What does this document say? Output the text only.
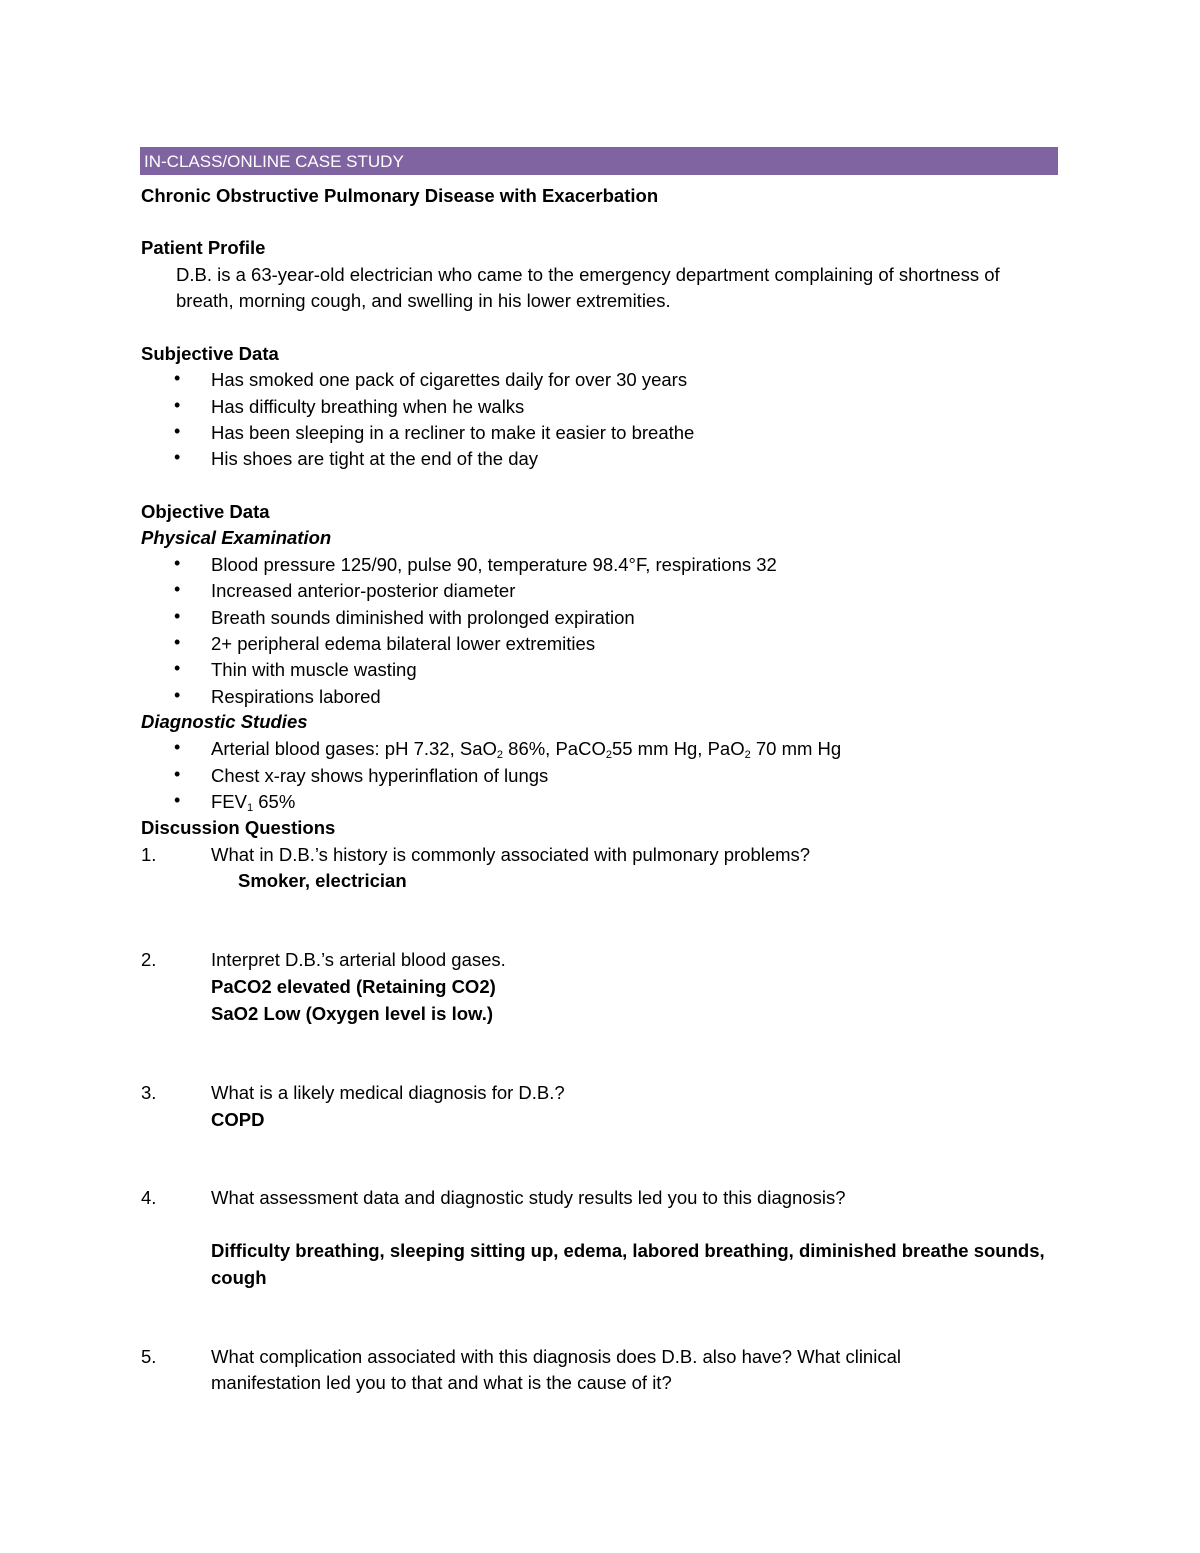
IN-CLASS/ONLINE CASE STUDY
Chronic Obstructive Pulmonary Disease with Exacerbation
Patient Profile
D.B. is a 63-year-old electrician who came to the emergency department complaining of shortness of
breath, morning cough, and swelling in his lower extremities.
Subjective Data
• Has smoked one pack of cigarettes daily for over 30 years
• Has difficulty breathing when he walks
• Has been sleeping in a recliner to make it easier to breathe
• His shoes are tight at the end of the day
Objective Data
Physical Examination
• Blood pressure 125/90, pulse 90, temperature 98.4°F, respirations 32
• Increased anterior-posterior diameter
• Breath sounds diminished with prolonged expiration
• 2+ peripheral edema bilateral lower extremities
• Thin with muscle wasting
• Respirations labored
Diagnostic Studies
• Arterial blood gases: pH 7.32, SaO$_2$ 86%, PaCO$_2$55 mm Hg, PaO$_2$ 70 mm Hg
• Chest x-ray shows hyperinflation of lungs
• $FEV_1$ 65%
Discussion Questions
1.	What in D.B.’s history is commonly associated with pulmonary problems?
Smoker, electrician
2.	Interpret D.B.’s arterial blood gases.
PaCO2 elevated (Retaining CO2)
SaO2 Low (Oxygen level is low.)
3.	What is a likely medical diagnosis for D.B.?
COPD
4.	What assessment data and diagnostic study results led you to this diagnosis?
Difficulty breathing, sleeping sitting up, edema, labored breathing, diminished breathe sounds,
cough
5.	What complication associated with this diagnosis does D.B. also have? What clinical
manifestation led you to that and what is the cause of it?
